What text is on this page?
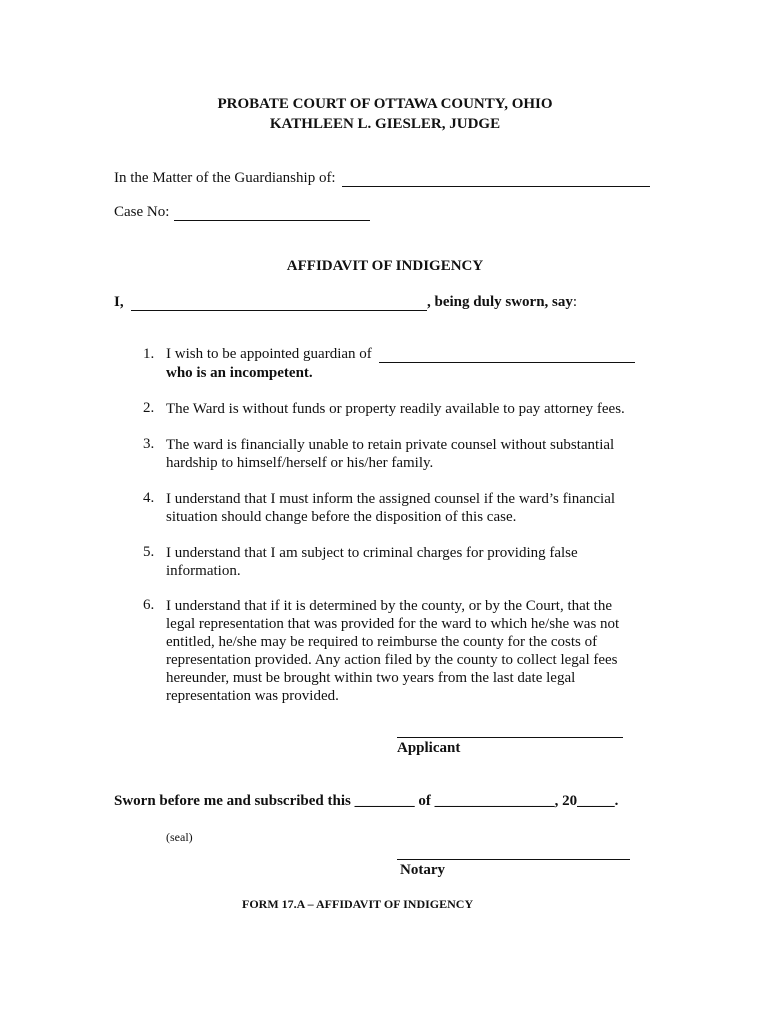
PROBATE COURT OF OTTAWA COUNTY, OHIO
KATHLEEN L. GIESLER, JUDGE
In the Matter of the Guardianship of:
Case No:
AFFIDAVIT OF INDIGENCY
I,	, being duly sworn, say:
1. I wish to be appointed guardian of
who is an incompetent.
2. The Ward is without funds or property readily available to pay attorney fees.
3. The ward is financially unable to retain private counsel without substantial hardship to himself/herself or his/her family.
4. I understand that I must inform the assigned counsel if the ward’s financial situation should change before the disposition of this case.
5. I understand that I am subject to criminal charges for providing false information.
6. I understand that if it is determined by the county, or by the Court, that the legal representation that was provided for the ward to which he/she was not entitled, he/she may be required to reimburse the county for the costs of representation provided. Any action filed by the county to collect legal fees hereunder, must be brought within two years from the last date legal representation was provided.
Applicant
Sworn before me and subscribed this ________ of ________________, 20_____.
(seal)
Notary
FORM 17.A – AFFIDAVIT OF INDIGENCY
